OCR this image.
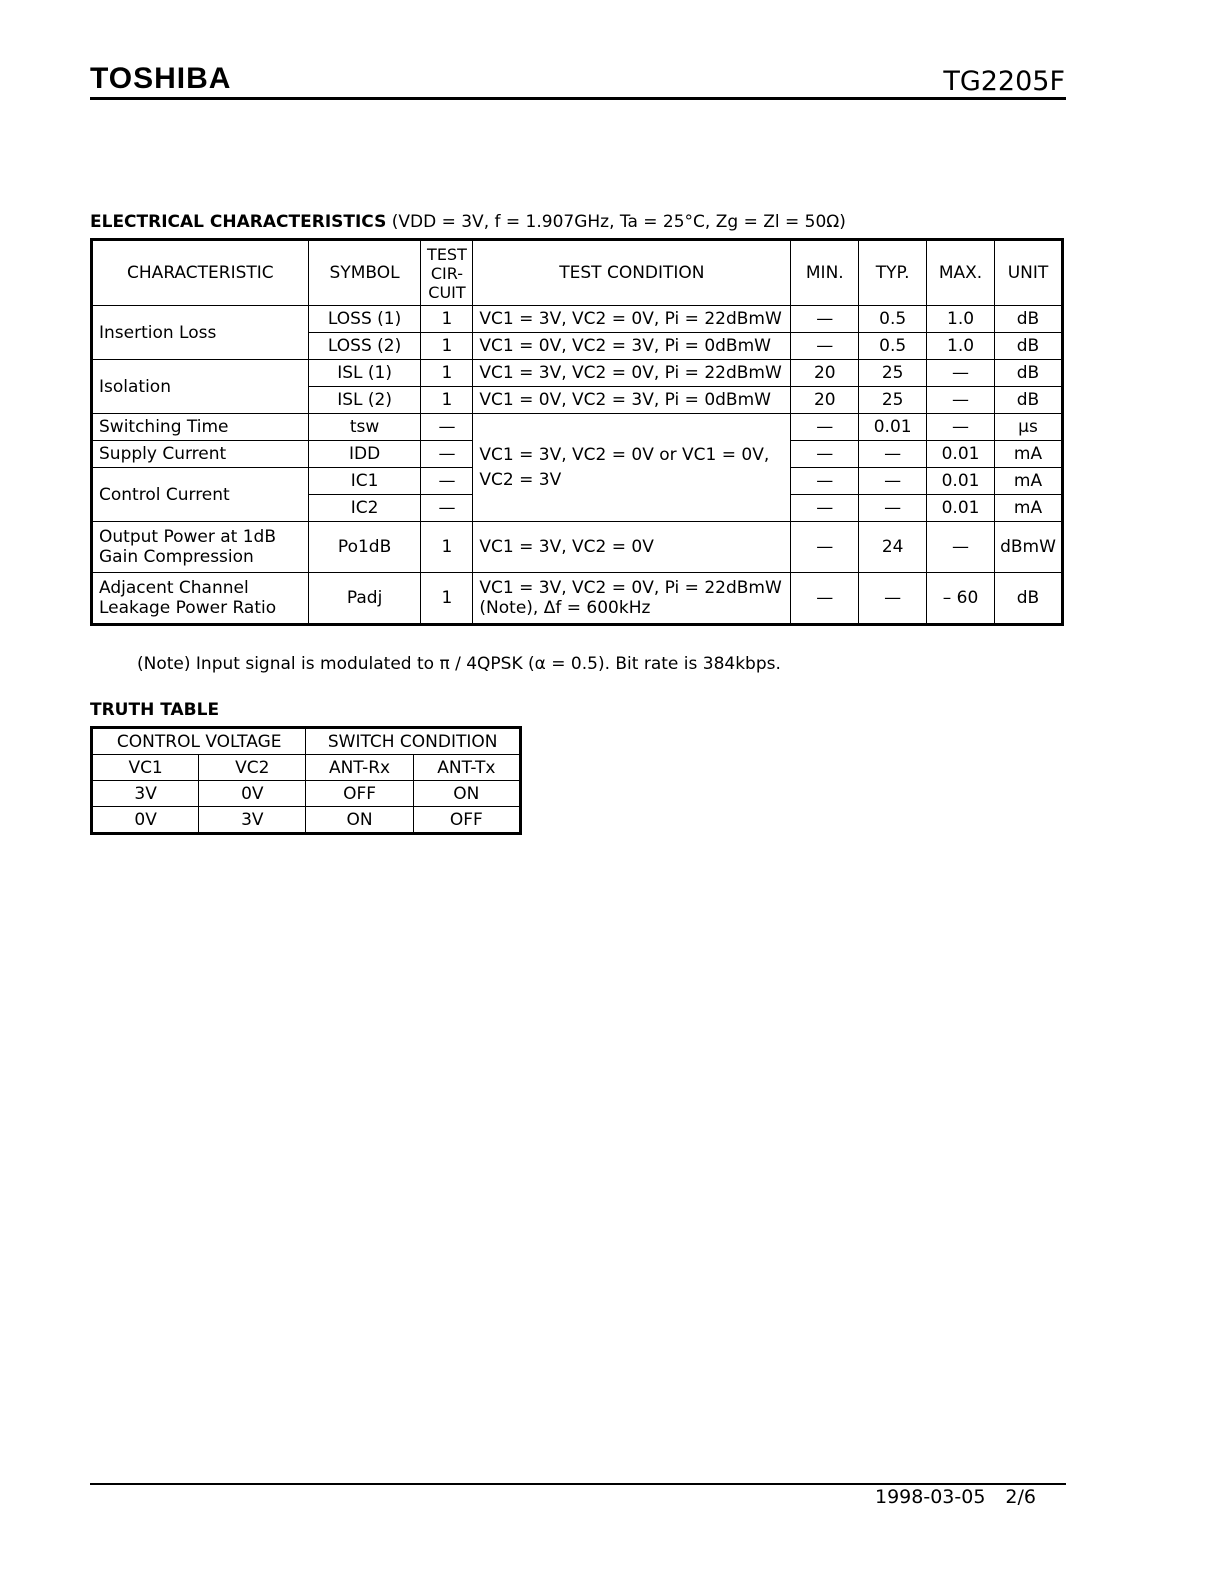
TOSHIBA	TG2205F
ELECTRICAL CHARACTERISTICS (VDD = 3V, f = 1.907GHz, Ta = 25°C, Zg = Zl = 50Ω)
CHARACTERISTIC	SYMBOL	TEST CIR- CUIT	TEST CONDITION	MIN.	TYP.	MAX.	UNIT
Insertion Loss	LOSS (1)	1	VC1 = 3V, VC2 = 0V, Pi = 22dBmW	—	0.5	1.0	dB
	LOSS (2)	1	VC1 = 0V, VC2 = 3V, Pi = 0dBmW	—	0.5	1.0	dB
Isolation	ISL (1)	1	VC1 = 3V, VC2 = 0V, Pi = 22dBmW	20	25	—	dB
	ISL (2)	1	VC1 = 0V, VC2 = 3V, Pi = 0dBmW	20	25	—	dB
Switching Time	tsw	—	VC1 = 3V, VC2 = 0V or VC1 = 0V, VC2 = 3V	—	0.01	—	μs
Supply Current	IDD	—		—	—	0.01	mA
Control Current	IC1	—		—	—	0.01	mA
	IC2	—		—	—	0.01	mA
Output Power at 1dB Gain Compression	Po1dB	1	VC1 = 3V, VC2 = 0V	—	24	—	dBmW
Adjacent Channel Leakage Power Ratio	Padj	1	VC1 = 3V, VC2 = 0V, Pi = 22dBmW (Note), Δf = 600kHz	—	—	– 60	dB
(Note) Input signal is modulated to π / 4QPSK (α = 0.5). Bit rate is 384kbps.
TRUTH TABLE
CONTROL VOLTAGE		SWITCH CONDITION	
VC1	VC2	ANT-Rx	ANT-Tx
3V	0V	OFF	ON
0V	3V	ON	OFF
1998-03-05 2/6
